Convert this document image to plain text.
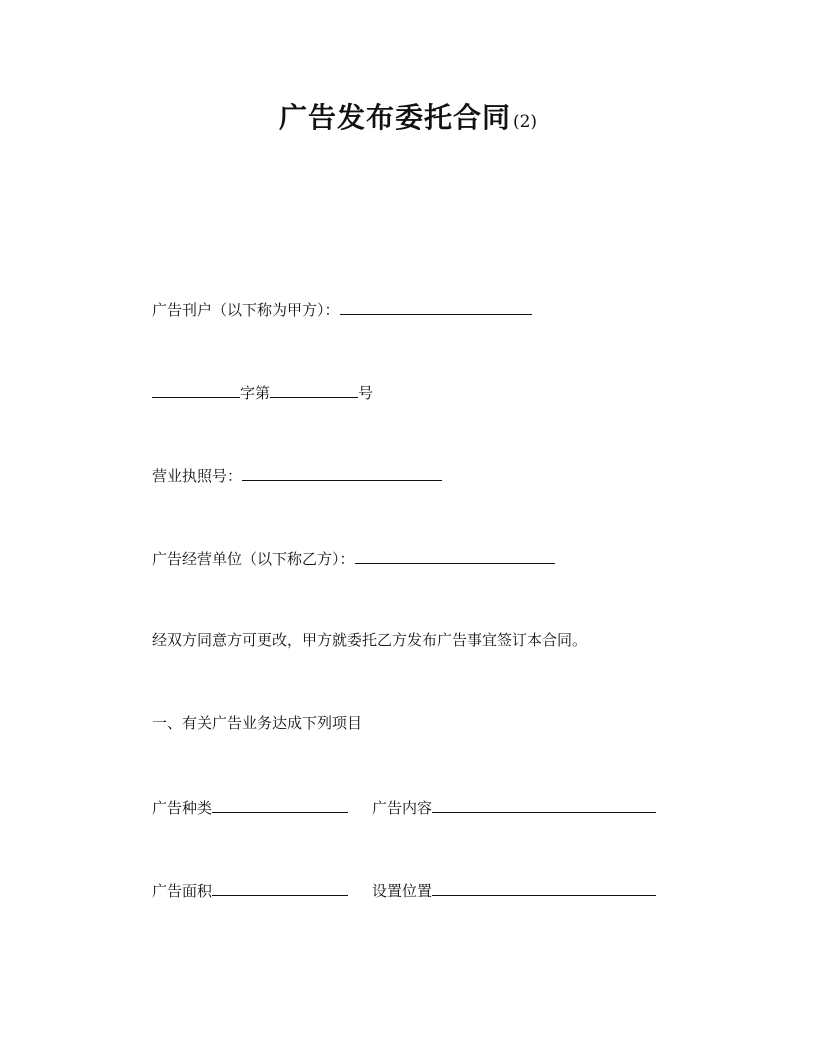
广告发布委托合同 (2)
广告刊户（以下称为甲方）：
字第	号
营业执照号：
广告经营单位（以下称乙方）：
经双方同意方可更改，甲方就委托乙方发布广告事宜签订本合同。
一、有关广告业务达成下列项目
广告种类	广告内容
广告面积	设置位置
